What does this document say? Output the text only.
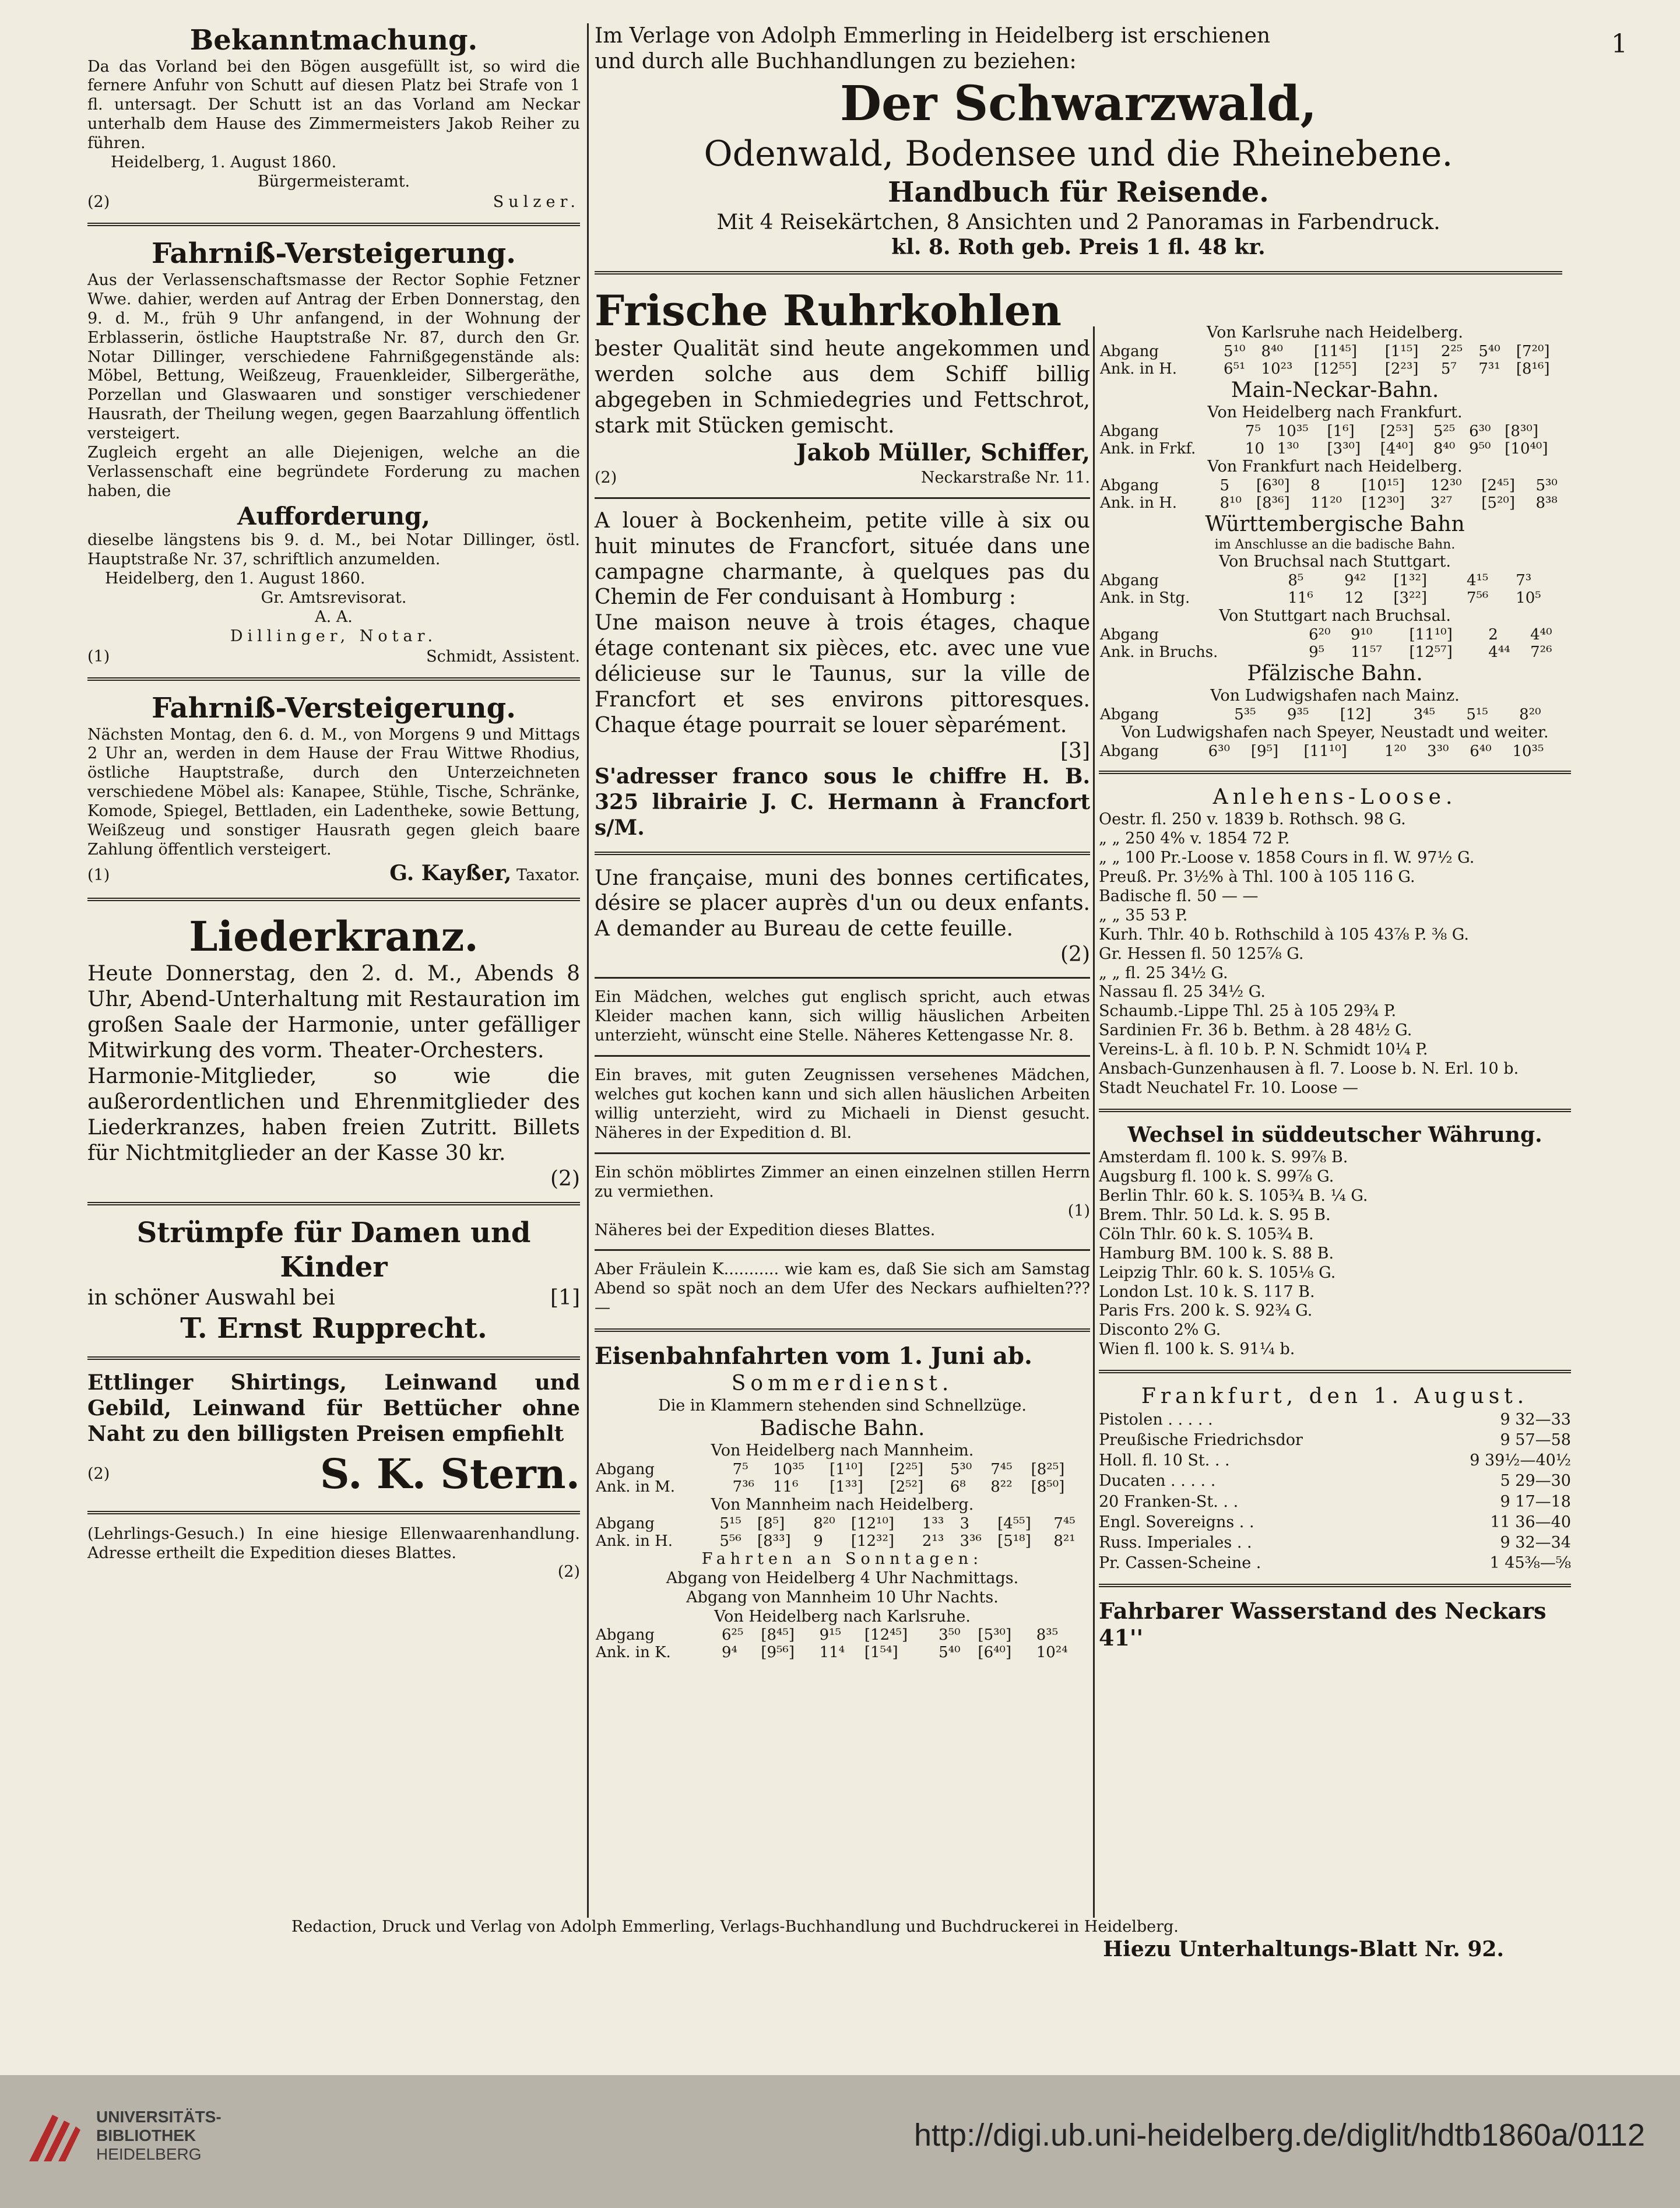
1

Bekanntmachung.

Da das Vorland bei den Bögen ausgefüllt ist, so wird die fernere Anfuhr von Schutt auf diesen Platz bei Strafe von 1 fl. untersagt. Der Schutt ist an das Vorland am Neckar unterhalb dem Hause des Zimmermeisters Jakob Reiher zu führen.

Heidelberg, 1. August 1860.

Bürgermeisteramt.

(2)	Sulzer.

Fahrniß-Versteigerung.

Aus der Verlassenschaftsmasse der Rector Sophie Fetzner Wwe. dahier, werden auf Antrag der Erben Donnerstag, den 9. d. M., früh 9 Uhr anfangend, in der Wohnung der Erblasserin, östliche Hauptstraße Nr. 87, durch den Gr. Notar Dillinger, verschiedene Fahrnißgegenstände als: Möbel, Bettung, Weißzeug, Frauenkleider, Silbergeräthe, Porzellan und Glaswaaren und sonstiger verschiedener Hausrath, der Theilung wegen, gegen Baarzahlung öffentlich versteigert.

Zugleich ergeht an alle Diejenigen, welche an die Verlassenschaft eine begründete Forderung zu machen haben, die

Aufforderung,

dieselbe längstens bis 9. d. M., bei Notar Dillinger, östl. Hauptstraße Nr. 37, schriftlich anzumelden.

Heidelberg, den 1. August 1860.

Gr. Amtsrevisorat.

A. A.

Dillinger, Notar.

(1)	Schmidt, Assistent.

Fahrniß-Versteigerung.

Nächsten Montag, den 6. d. M., von Morgens 9 und Mittags 2 Uhr an, werden in dem Hause der Frau Wittwe Rhodius, östliche Hauptstraße, durch den Unterzeichneten verschiedene Möbel als: Kanapee, Stühle, Tische, Schränke, Komode, Spiegel, Bettladen, ein Ladentheke, sowie Bettung, Weißzeug und sonstiger Hausrath gegen gleich baare Zahlung öffentlich versteigert.

(1)	G. Kayßer, Taxator.

Liederkranz.

Heute Donnerstag, den 2. d. M., Abends 8 Uhr, Abend-Unterhaltung mit Restauration im großen Saale der Harmonie, unter gefälliger Mitwirkung des vorm. Theater-Orchesters.

Harmonie-Mitglieder, so wie die außerordentlichen und Ehrenmitglieder des Liederkranzes, haben freien Zutritt. Billets für Nichtmitglieder an der Kasse 30 kr.

(2)

Strümpfe für Damen und Kinder

in schöner Auswahl bei	[1]

T. Ernst Rupprecht.

Ettlinger Shirtings, Leinwand und Gebild, Leinwand für Bettücher ohne Naht zu den billigsten Preisen empfiehlt

(2)	S. K. Stern.

(Lehrlings-Gesuch.) In eine hiesige Ellenwaarenhandlung. Adresse ertheilt die Expedition dieses Blattes.

(2)

Im Verlage von Adolph Emmerling in Heidelberg ist erschienen

und durch alle Buchhandlungen zu beziehen:

Der Schwarzwald,

Odenwald, Bodensee und die Rheinebene.

Handbuch für Reisende.

Mit 4 Reisekärtchen, 8 Ansichten und 2 Panoramas in Farbendruck.

kl. 8. Roth geb. Preis 1 fl. 48 kr.

Frische Ruhrkohlen

bester Qualität sind heute angekommen und werden solche aus dem Schiff billig abgegeben in Schmiedegries und Fettschrot, stark mit Stücken gemischt.

Jakob Müller, Schiffer,

(2)	Neckarstraße Nr. 11.

A louer à Bockenheim, petite ville à six ou huit minutes de Francfort, située dans une campagne charmante, à quelques pas du Chemin de Fer conduisant à Homburg :

Une maison neuve à trois étages, chaque étage contenant six pièces, etc. avec une vue délicieuse sur le Taunus, sur la ville de Francfort et ses environs pittoresques. Chaque étage pourrait se louer sèparément.

[3]

S'adresser franco sous le chiffre H. B. 325 librairie J. C. Hermann à Francfort s/M.

Une française, muni des bonnes certificates, désire se placer auprès d'un ou deux enfants. A demander au Bureau de cette feuille.

(2)

Ein Mädchen, welches gut englisch spricht, auch etwas Kleider machen kann, sich willig häuslichen Arbeiten unterzieht, wünscht eine Stelle. Näheres Kettengasse Nr. 8.

Ein braves, mit guten Zeugnissen versehenes Mädchen, welches gut kochen kann und sich allen häuslichen Arbeiten willig unterzieht, wird zu Michaeli in Dienst gesucht. Näheres in der Expedition d. Bl.

Ein schön möblirtes Zimmer an einen einzelnen stillen Herrn zu vermiethen.

(1)

Näheres bei der Expedition dieses Blattes.

Aber Fräulein K........... wie kam es, daß Sie sich am Samstag Abend so spät noch an dem Ufer des Neckars aufhielten??? —

Eisenbahnfahrten vom 1. Juni ab.

Sommerdienst.

Die in Klammern stehenden sind Schnellzüge.

Badische Bahn.

Von Heidelberg nach Mannheim.

Abgang	7⁵	10³⁵	[1¹⁰]	[2²⁵]	5³⁰	7⁴⁵	[8²⁵]
Ank. in M.	7³⁶	11⁶	[1³³]	[2⁵²]	6⁸	8²²	[8⁵⁰]

Von Mannheim nach Heidelberg.

Abgang	5¹⁵	[8⁵]	8²⁰	[12¹⁰]	1³³	3	[4⁵⁵]	7⁴⁵
Ank. in H.	5⁵⁶	[8³³]	9	[12³²]	2¹³	3³⁶	[5¹⁸]	8²¹

Fahrten an Sonntagen:

Abgang von Heidelberg 4 Uhr Nachmittags.

Abgang von Mannheim 10 Uhr Nachts.

Von Heidelberg nach Karlsruhe.

Abgang	6²⁵	[8⁴⁵]	9¹⁵	[12⁴⁵]	3⁵⁰	[5³⁰]	8³⁵
Ank. in K.	9⁴	[9⁵⁶]	11⁴	[1⁵⁴]	5⁴⁰	[6⁴⁰]	10²⁴

Von Karlsruhe nach Heidelberg.

Abgang	5¹⁰	8⁴⁰	[11⁴⁵]	[1¹⁵]	2²⁵	5⁴⁰	[7²⁰]
Ank. in H.	6⁵¹	10²³	[12⁵⁵]	[2²³]	5⁷	7³¹	[8¹⁶]

Main-Neckar-Bahn.

Von Heidelberg nach Frankfurt.

Abgang	7⁵	10³⁵	[1⁶]	[2⁵³]	5²⁵	6³⁰	[8³⁰]
Ank. in Frkf.	10	1³⁰	[3³⁰]	[4⁴⁰]	8⁴⁰	9⁵⁰	[10⁴⁰]

Von Frankfurt nach Heidelberg.

Abgang	5	[6³⁰]	8	[10¹⁵]	12³⁰	[2⁴⁵]	5³⁰
Ank. in H.	8¹⁰	[8³⁶]	11²⁰	[12³⁰]	3²⁷	[5²⁰]	8³⁸

Württembergische Bahn

im Anschlusse an die badische Bahn.

Von Bruchsal nach Stuttgart.

Abgang	8⁵	9⁴²	[1³²]	4¹⁵	7³
Ank. in Stg.	11⁶	12	[3²²]	7⁵⁶	10⁵

Von Stuttgart nach Bruchsal.

Abgang	6²⁰	9¹⁰	[11¹⁰]	2	4⁴⁰
Ank. in Bruchs.	9⁵	11⁵⁷	[12⁵⁷]	4⁴⁴	7²⁶

Pfälzische Bahn.

Von Ludwigshafen nach Mainz.

Abgang	5³⁵	9³⁵	[12]	3⁴⁵	5¹⁵	8²⁰

Von Ludwigshafen nach Speyer, Neustadt und weiter.

Abgang	6³⁰	[9⁵]	[11¹⁰]	1²⁰	3³⁰	6⁴⁰	10³⁵

Anlehens-Loose.

Oestr. fl. 250 v. 1839 b. Rothsch. 98 G.

„ „ 250 4% v. 1854 72 P.

„ „ 100 Pr.-Loose v. 1858 Cours in fl. W. 97½ G.

Preuß. Pr. 3½% à Thl. 100 à 105 116 G.

Badische fl. 50 — —

„ „ 35 53 P.

Kurh. Thlr. 40 b. Rothschild à 105 43⅞ P. ⅜ G.

Gr. Hessen fl. 50 125⅞ G.

„ „ fl. 25 34½ G.

Nassau fl. 25 34½ G.

Schaumb.-Lippe Thl. 25 à 105 29¾ P.

Sardinien Fr. 36 b. Bethm. à 28 48½ G.

Vereins-L. à fl. 10 b. P. N. Schmidt 10¼ P.

Ansbach-Gunzenhausen à fl. 7. Loose b. N. Erl. 10 b.

Stadt Neuchatel Fr. 10. Loose —

Wechsel in süddeutscher Währung.

Amsterdam fl. 100 k. S. 99⅞ B.

Augsburg fl. 100 k. S. 99⅞ G.

Berlin Thlr. 60 k. S. 105¾ B. ¼ G.

Brem. Thlr. 50 Ld. k. S. 95 B.

Cöln Thlr. 60 k. S. 105¾ B.

Hamburg BM. 100 k. S. 88 B.

Leipzig Thlr. 60 k. S. 105⅛ G.

London Lst. 10 k. S. 117 B.

Paris Frs. 200 k. S. 92¾ G.

Disconto 2% G.

Wien fl. 100 k. S. 91¼ b.

Frankfurt, den 1. August.

Pistolen . . . . .	9 32—33
Preußische Friedrichsdor	9 57—58
Holl. fl. 10 St. . .	9 39½—40½
Ducaten . . . . .	5 29—30
20 Franken-St. . .	9 17—18
Engl. Sovereigns . .	11 36—40
Russ. Imperiales . .	9 32—34
Pr. Cassen-Scheine .	1 45⅜—⅝

Fahrbarer Wasserstand des Neckars 41''

Redaction, Druck und Verlag von Adolph Emmerling, Verlags-Buchhandlung und Buchdruckerei in Heidelberg.

Hiezu Unterhaltungs-Blatt Nr. 92.

UNIVERSITÄTS-
BIBLIOTHEK
HEIDELBERG
http://digi.ub.uni-heidelberg.de/diglit/hdtb1860a/0112
